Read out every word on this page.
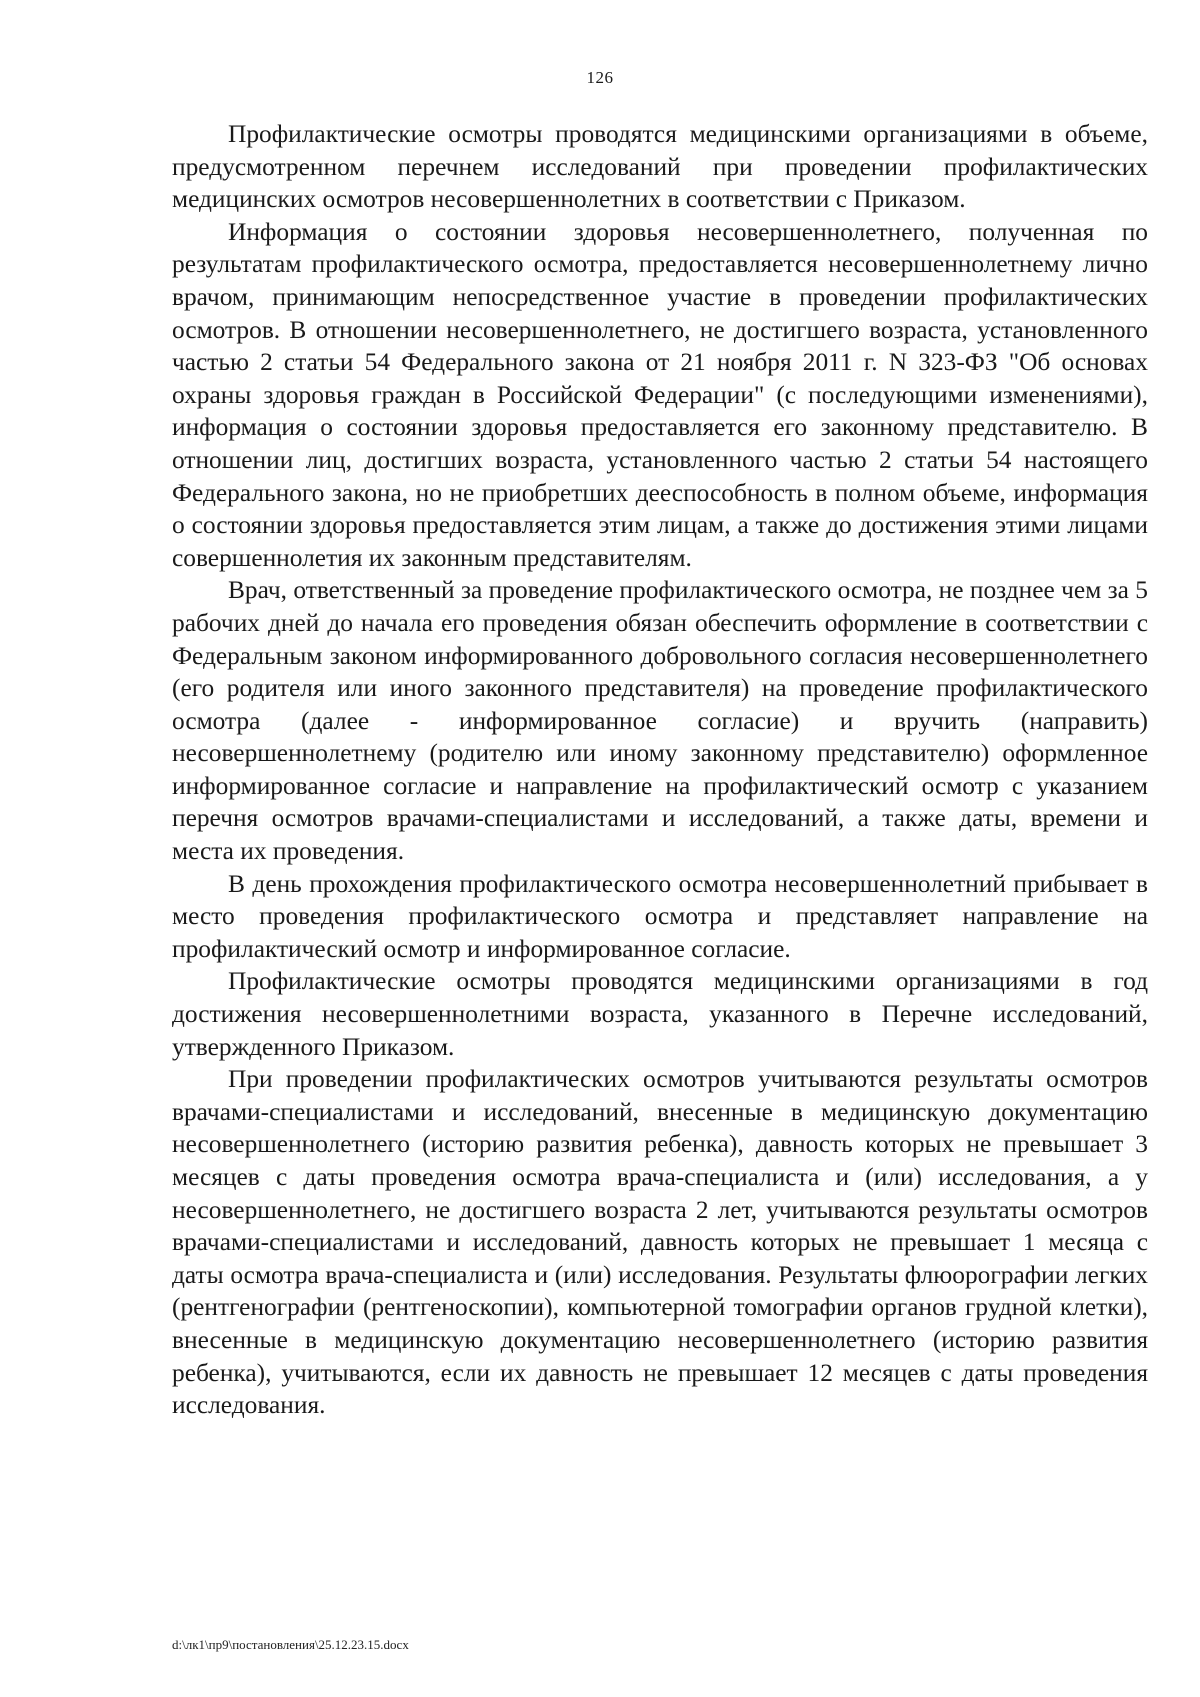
126

Профилактические осмотры проводятся медицинскими организациями в объеме, предусмотренном перечнем исследований при проведении профилактических медицинских осмотров несовершеннолетних в соответствии с Приказом.

Информация о состоянии здоровья несовершеннолетнего, полученная по результатам профилактического осмотра, предоставляется несовершеннолетнему лично врачом, принимающим непосредственное участие в проведении профилактических осмотров. В отношении несовершеннолетнего, не достигшего возраста, установленного частью 2 статьи 54 Федерального закона от 21 ноября 2011 г. N 323-ФЗ "Об основах охраны здоровья граждан в Российской Федерации" (с последующими изменениями), информация о состоянии здоровья предоставляется его законному представителю. В отношении лиц, достигших возраста, установленного частью 2 статьи 54 настоящего Федерального закона, но не приобретших дееспособность в полном объеме, информация о состоянии здоровья предоставляется этим лицам, а также до достижения этими лицами совершеннолетия их законным представителям.

Врач, ответственный за проведение профилактического осмотра, не позднее чем за 5 рабочих дней до начала его проведения обязан обеспечить оформление в соответствии с Федеральным законом информированного добровольного согласия несовершеннолетнего (его родителя или иного законного представителя) на проведение профилактического осмотра (далее - информированное согласие) и вручить (направить) несовершеннолетнему (родителю или иному законному представителю) оформленное информированное согласие и направление на профилактический осмотр с указанием перечня осмотров врачами-специалистами и исследований, а также даты, времени и места их проведения.

В день прохождения профилактического осмотра несовершеннолетний прибывает в место проведения профилактического осмотра и представляет направление на профилактический осмотр и информированное согласие.

Профилактические осмотры проводятся медицинскими организациями в год достижения несовершеннолетними возраста, указанного в Перечне исследований, утвержденного Приказом.

При проведении профилактических осмотров учитываются результаты осмотров врачами-специалистами и исследований, внесенные в медицинскую документацию несовершеннолетнего (историю развития ребенка), давность которых не превышает 3 месяцев с даты проведения осмотра врача-специалиста и (или) исследования, а у несовершеннолетнего, не достигшего возраста 2 лет, учитываются результаты осмотров врачами-специалистами и исследований, давность которых не превышает 1 месяца с даты осмотра врача-специалиста и (или) исследования. Результаты флюорографии легких (рентгенографии (рентгеноскопии), компьютерной томографии органов грудной клетки), внесенные в медицинскую документацию несовершеннолетнего (историю развития ребенка), учитываются, если их давность не превышает 12 месяцев с даты проведения исследования.

d:\лк1\пр9\постановления\25.12.23.15.docx
